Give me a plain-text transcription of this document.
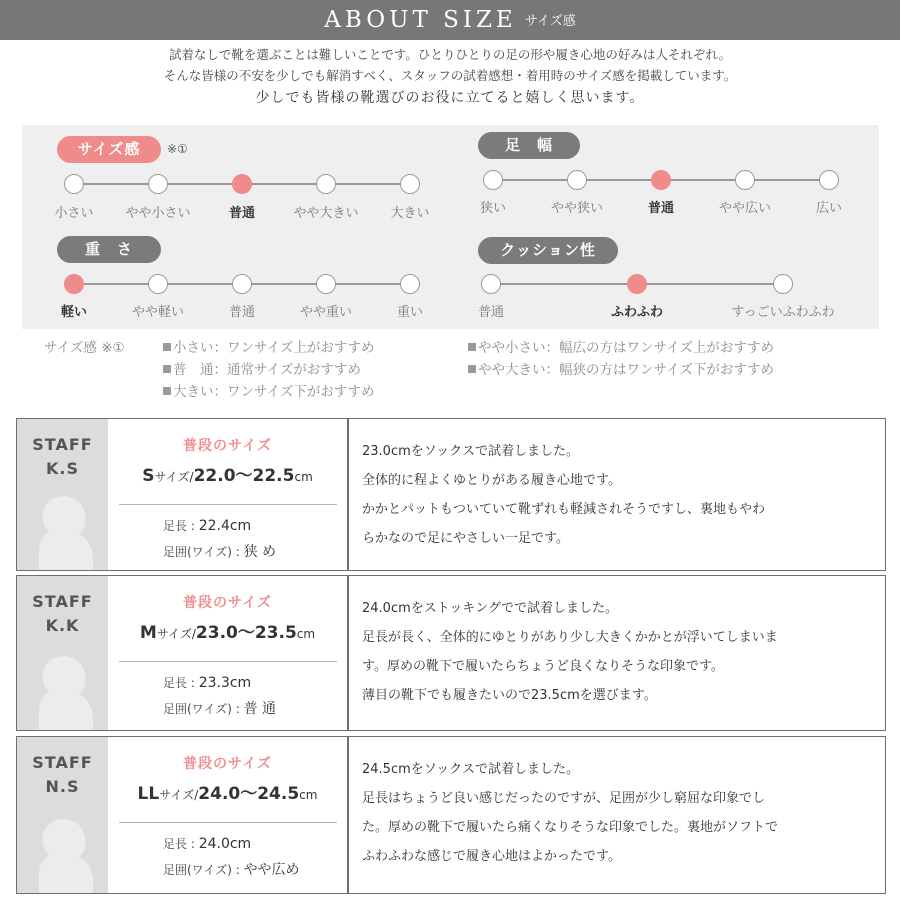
ABOUT SIZE サイズ感
試着なしで靴を選ぶことは難しいことです。ひとりひとりの足の形や履き心地の好みは人それぞれ。
そんな皆様の不安を少しでも解消すべく、スタッフの試着感想・着用時のサイズ感を掲載しています。
少しでも皆様の靴選びのお役に立てると嬉しく思います。
サイズ感	※①	足　幅
重　さ	クッション性
小さい やや小さい	普通	やや大きい 大きい	狭い	やや狭い	普通	やや広い	広い
軽い	やや軽い	普通	やや重い	重い	普通	ふわふわ	すっごいふわふわ
サイズ感 ※①	小さい：ワンサイズ上がおすすめ
普　通：通常サイズがおすすめ
大きい：ワンサイズ下がおすすめ
やや小さい：幅広の方はワンサイズ上がおすすめ
やや大きい：幅狭の方はワンサイズ下がおすすめ
STAFF
K.S
普段のサイズ
Sサイズ/22.0〜22.5cm
足長 : 22.4cm
足囲(ワイズ) : 狭 め
23.0cmをソックスで試着しました。
全体的に程よくゆとりがある履き心地です。
かかとパットもついていて靴ずれも軽減されそうですし、裏地もやわ
らかなので足にやさしい一足です。
STAFF
K.K
普段のサイズ
Mサイズ/23.0〜23.5cm
足長 : 23.3cm
足囲(ワイズ) : 普 通
24.0cmをストッキングでで試着しました。
足長が長く、全体的にゆとりがあり少し大きくかかとが浮いてしまいま
す。厚めの靴下で履いたらちょうど良くなりそうな印象です。
薄目の靴下でも履きたいので23.5cmを選びます。
STAFF
N.S
普段のサイズ
LLサイズ/24.0〜24.5cm
足長 : 24.0cm
足囲(ワイズ) : やや広め
24.5cmをソックスで試着しました。
足長はちょうど良い感じだったのですが、足囲が少し窮屈な印象でし
た。厚めの靴下で履いたら痛くなりそうな印象でした。裏地がソフトで
ふわふわな感じで履き心地はよかったです。
